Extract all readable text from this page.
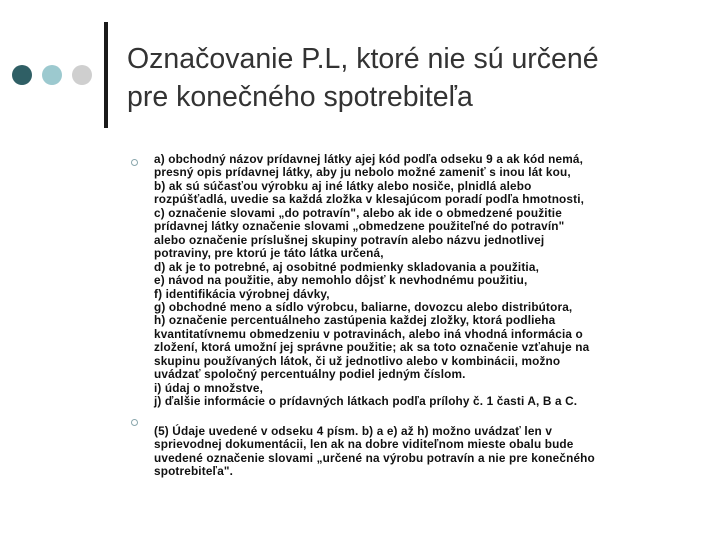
Označovanie P.L, ktoré nie sú určené
pre konečného spotrebiteľa

a) obchodný názov prídavnej látky ajej kód podľa odseku 9 a ak kód nemá,
presný opis prídavnej látky, aby ju nebolo možné zameniť s inou lát kou,
b) ak sú súčasťou výrobku aj iné látky alebo nosiče, plnidlá alebo
rozpúšťadlá, uvedie sa každá zložka v klesajúcom poradí podľa hmotnosti,
c) označenie slovami „do potravín", alebo ak ide o obmedzené použitie
prídavnej látky označenie slovami „obmedzene použiteľné do potravín"
alebo označenie príslušnej skupiny potravín alebo názvu jednotlivej
potraviny, pre ktorú je táto látka určená,
d) ak je to potrebné, aj osobitné podmienky skladovania a použitia,
e) návod na použitie, aby nemohlo dôjsť k nevhodnému použitiu,
f) identifikácia výrobnej dávky,
g) obchodné meno a sídlo výrobcu, baliarne, dovozcu alebo distribútora,
h) označenie percentuálneho zastúpenia každej zložky, ktorá podlieha
kvantitatívnemu obmedzeniu v potravinách, alebo iná vhodná informácia o
zložení, ktorá umožní jej správne použitie; ak sa toto označenie vzťahuje na
skupinu používaných látok, či už jednotlivo alebo v kombinácii, možno
uvádzať spoločný percentuálny podiel jedným číslom.
i) údaj o množstve,
j) ďalšie informácie o prídavných látkach podľa prílohy č. 1 časti A, B a C.

(5) Údaje uvedené v odseku 4 písm. b) a e) až h) možno uvádzať len v
sprievodnej dokumentácii, len ak na dobre viditeľnom mieste obalu bude
uvedené označenie slovami „určené na výrobu potravín a nie pre konečného
spotrebiteľa".
